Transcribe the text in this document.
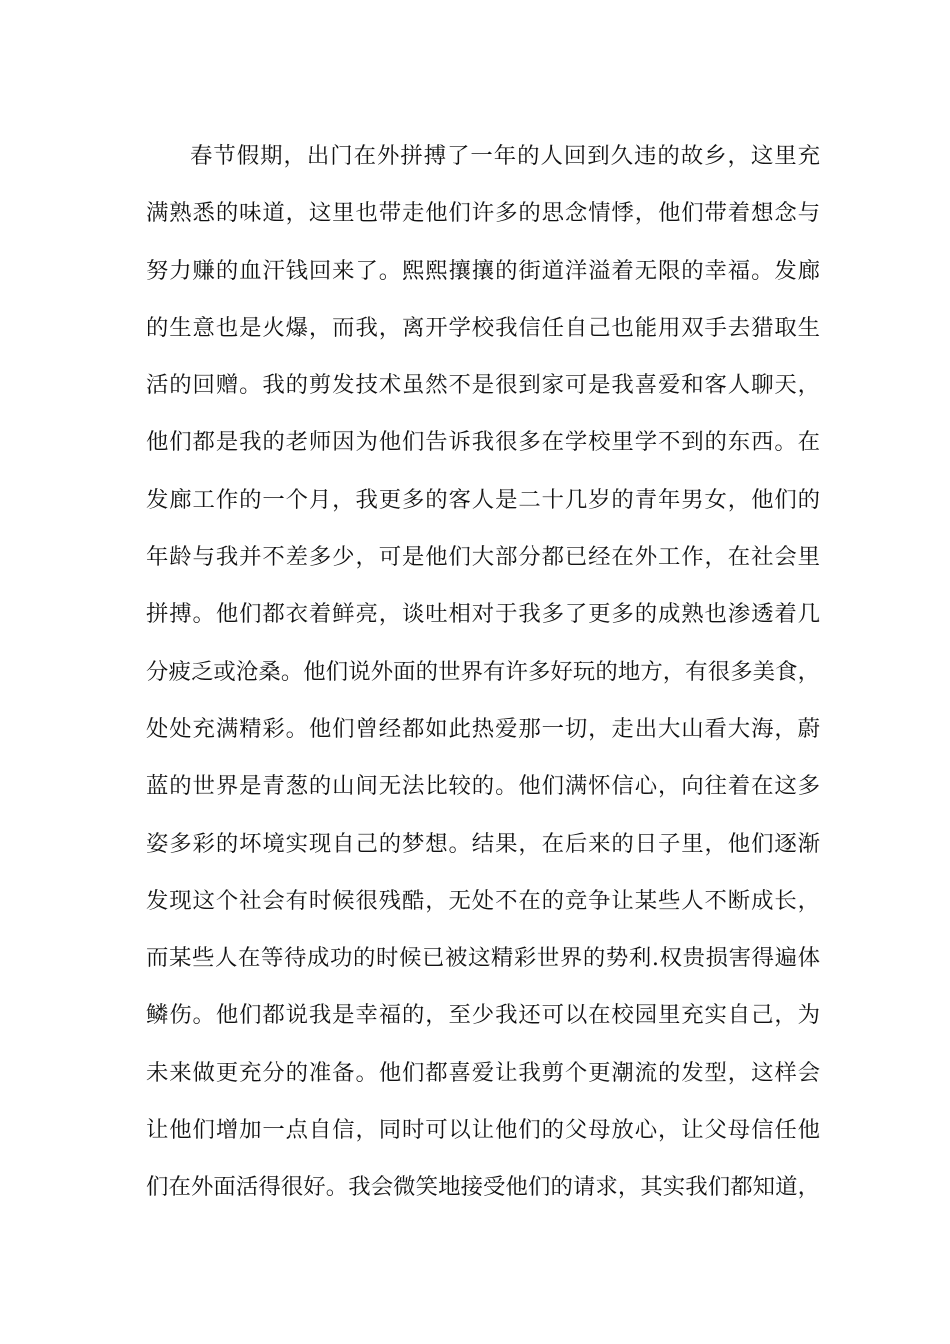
春节假期，出门在外拼搏了一年的人回到久违的故乡，这里充
满熟悉的味道，这里也带走他们许多的思念情悸，他们带着想念与
努力赚的血汗钱回来了。熙熙攘攘的街道洋溢着无限的幸福。发廊
的生意也是火爆，而我，离开学校我信任自己也能用双手去猎取生
活的回赠。我的剪发技术虽然不是很到家可是我喜爱和客人聊天，
他们都是我的老师因为他们告诉我很多在学校里学不到的东西。在
发廊工作的一个月，我更多的客人是二十几岁的青年男女，他们的
年龄与我并不差多少，可是他们大部分都已经在外工作，在社会里
拼搏。他们都衣着鲜亮，谈吐相对于我多了更多的成熟也渗透着几
分疲乏或沧桑。他们说外面的世界有许多好玩的地方，有很多美食，
处处充满精彩。他们曾经都如此热爱那一切，走出大山看大海，蔚
蓝的世界是青葱的山间无法比较的。他们满怀信心，向往着在这多
姿多彩的坏境实现自己的梦想。结果，在后来的日子里，他们逐渐
发现这个社会有时候很残酷，无处不在的竞争让某些人不断成长，
而某些人在等待成功的时候已被这精彩世界的势利.权贵损害得遍体
鳞伤。他们都说我是幸福的，至少我还可以在校园里充实自己，为
未来做更充分的准备。他们都喜爱让我剪个更潮流的发型，这样会
让他们增加一点自信，同时可以让他们的父母放心，让父母信任他
们在外面活得很好。我会微笑地接受他们的请求，其实我们都知道，
